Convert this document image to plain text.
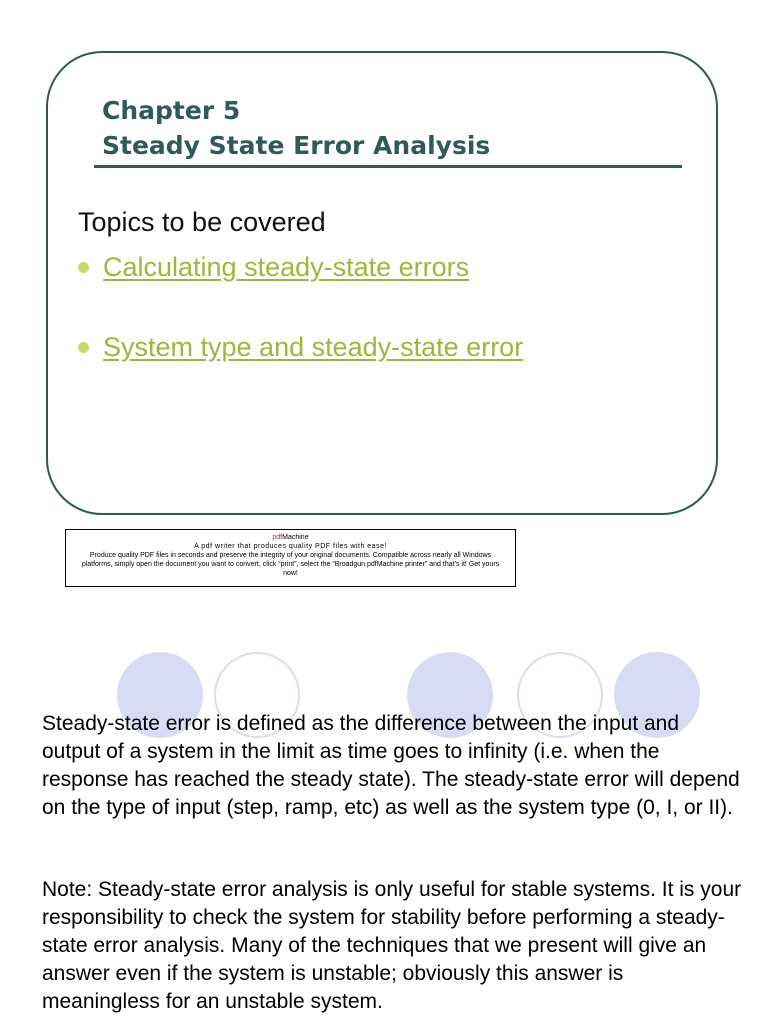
Chapter 5
Steady State Error Analysis
Topics to be covered
Calculating steady-state errors
System type and steady-state error
pdfMachine
A pdf writer that produces quality PDF files with ease!
Produce quality PDF files in seconds and preserve the integrity of your original documents. Compatible across nearly all Windows platforms, simply open the document you want to convert, click “print”, select the “Broadgun pdfMachine printer” and that’s it! Get yours now!

Steady-state error is defined as the difference between the input and output of a system in the limit as time goes to infinity (i.e. when the response has reached the steady state). The steady-state error will depend on the type of input (step, ramp, etc) as well as the system type (0, I, or II).

Note: Steady-state error analysis is only useful for stable systems. It is your responsibility to check the system for stability before performing a steady-state error analysis. Many of the techniques that we present will give an answer even if the system is unstable; obviously this answer is meaningless for an unstable system.
